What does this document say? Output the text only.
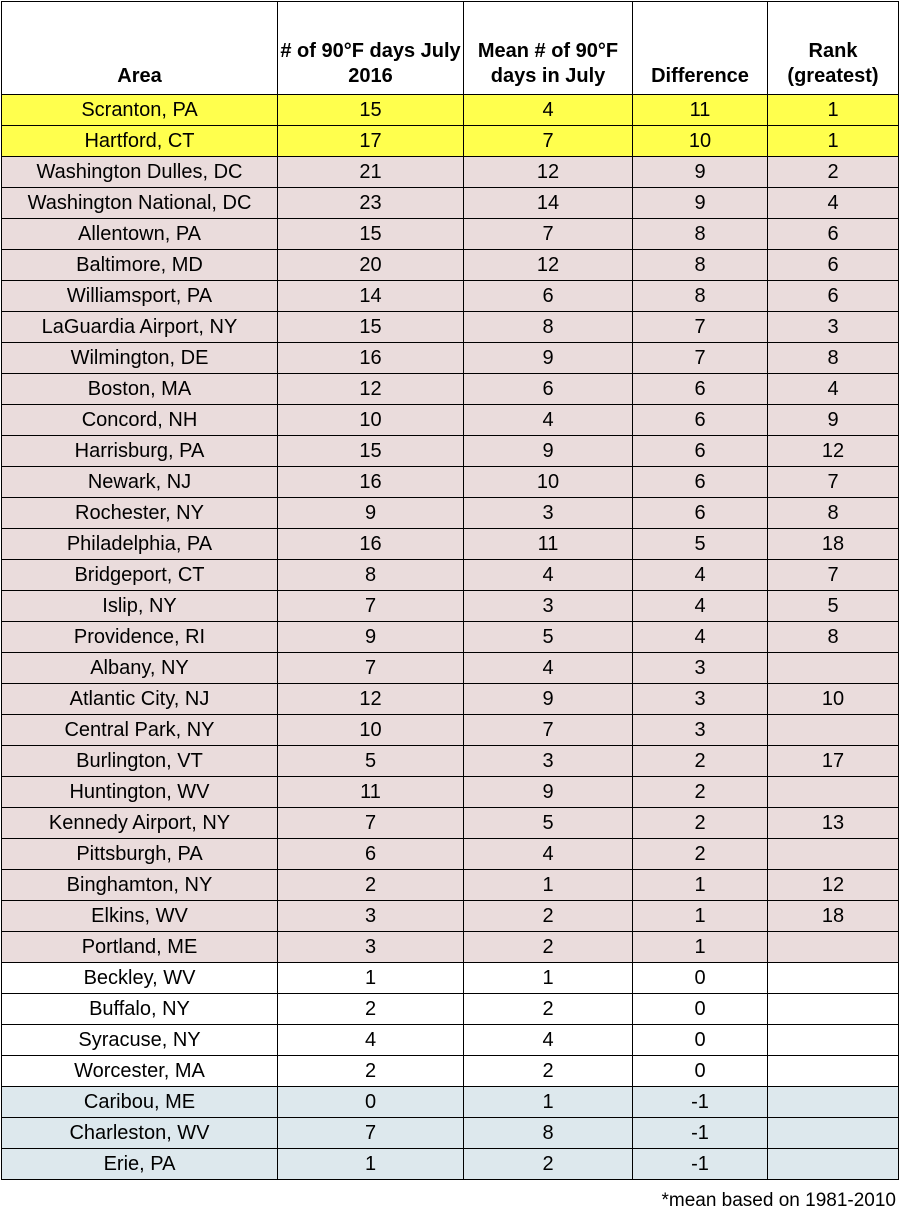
Area	# of 90°F days July 2016	Mean # of 90°F days in July	Difference	Rank (greatest)
Scranton, PA	15	4	11	1
Hartford, CT	17	7	10	1
Washington Dulles, DC	21	12	9	2
Washington National, DC	23	14	9	4
Allentown, PA	15	7	8	6
Baltimore, MD	20	12	8	6
Williamsport, PA	14	6	8	6
LaGuardia Airport, NY	15	8	7	3
Wilmington, DE	16	9	7	8
Boston, MA	12	6	6	4
Concord, NH	10	4	6	9
Harrisburg, PA	15	9	6	12
Newark, NJ	16	10	6	7
Rochester, NY	9	3	6	8
Philadelphia, PA	16	11	5	18
Bridgeport, CT	8	4	4	7
Islip, NY	7	3	4	5
Providence, RI	9	5	4	8
Albany, NY	7	4	3	
Atlantic City, NJ	12	9	3	10
Central Park, NY	10	7	3	
Burlington, VT	5	3	2	17
Huntington, WV	11	9	2	
Kennedy Airport, NY	7	5	2	13
Pittsburgh, PA	6	4	2	
Binghamton, NY	2	1	1	12
Elkins, WV	3	2	1	18
Portland, ME	3	2	1	
Beckley, WV	1	1	0	
Buffalo, NY	2	2	0	
Syracuse, NY	4	4	0	
Worcester, MA	2	2	0	
Caribou, ME	0	1	-1	
Charleston, WV	7	8	-1	
Erie, PA	1	2	-1	
*mean based on 1981-2010
